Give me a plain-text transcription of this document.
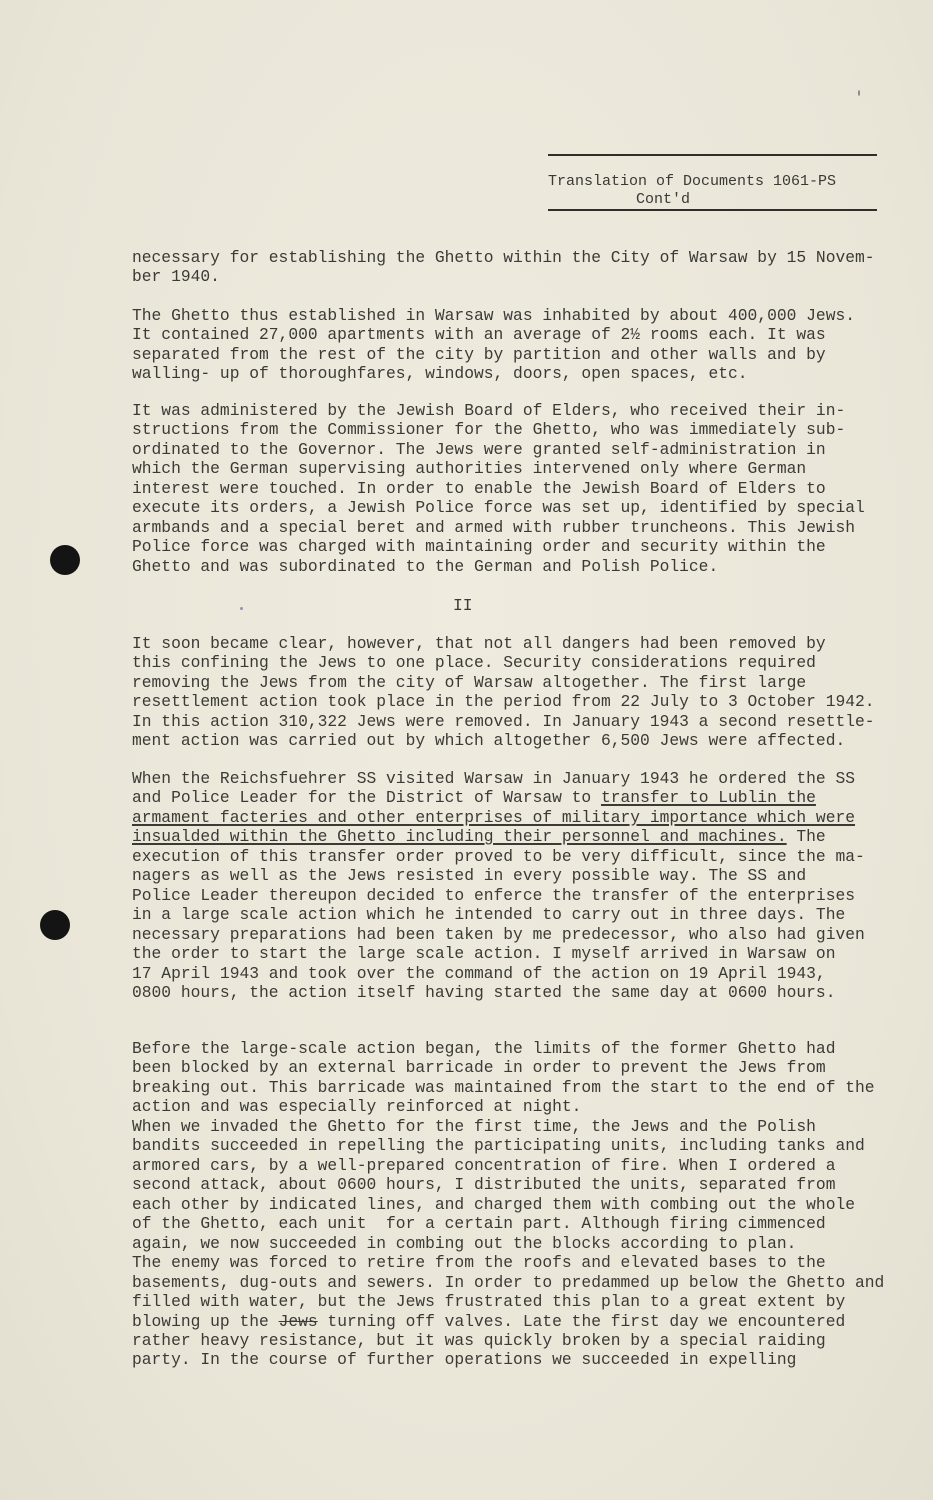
Translation of Documents 1061-PS
Cont'd
II
necessary for establishing the Ghetto within the City of Warsaw by 15 Novem-
ber 1940.
The Ghetto thus established in Warsaw was inhabited by about 400,000 Jews.
It contained 27,000 apartments with an average of 2½ rooms each. It was
separated from the rest of the city by partition and other walls and by
walling- up of thoroughfares, windows, doors, open spaces, etc.
It was administered by the Jewish Board of Elders, who received their in-
structions from the Commissioner for the Ghetto, who was immediately sub-
ordinated to the Governor. The Jews were granted self-administration in
which the German supervising authorities intervened only where German
interest were touched. In order to enable the Jewish Board of Elders to
execute its orders, a Jewish Police force was set up, identified by special
armbands and a special beret and armed with rubber truncheons. This Jewish
Police force was charged with maintaining order and security within the
Ghetto and was subordinated to the German and Polish Police.
It soon became clear, however, that not all dangers had been removed by
this confining the Jews to one place. Security considerations required
removing the Jews from the city of Warsaw altogether. The first large
resettlement action took place in the period from 22 July to 3 October 1942.
In this action 310,322 Jews were removed. In January 1943 a second resettle-
ment action was carried out by which altogether 6,500 Jews were affected.
When the Reichsfuehrer SS visited Warsaw in January 1943 he ordered the SS
and Police Leader for the District of Warsaw to transfer to Lublin the
armament facteries and other enterprises of military importance which were
insualded within the Ghetto including their personnel and machines. The
execution of this transfer order proved to be very difficult, since the ma-
nagers as well as the Jews resisted in every possible way. The SS and
Police Leader thereupon decided to enferce the transfer of the enterprises
in a large scale action which he intended to carry out in three days. The
necessary preparations had been taken by me predecessor, who also had given
the order to start the large scale action. I myself arrived in Warsaw on
17 April 1943 and took over the command of the action on 19 April 1943,
0800 hours, the action itself having started the same day at 0600 hours.
Before the large-scale action began, the limits of the former Ghetto had
been blocked by an external barricade in order to prevent the Jews from
breaking out. This barricade was maintained from the start to the end of the
action and was especially reinforced at night.
When we invaded the Ghetto for the first time, the Jews and the Polish
bandits succeeded in repelling the participating units, including tanks and
armored cars, by a well-prepared concentration of fire. When I ordered a
second attack, about 0600 hours, I distributed the units, separated from
each other by indicated lines, and charged them with combing out the whole
of the Ghetto, each unit  for a certain part. Although firing cimmenced
again, we now succeeded in combing out the blocks according to plan.
The enemy was forced to retire from the roofs and elevated bases to the
basements, dug-outs and sewers. In order to predammed up below the Ghetto and
filled with water, but the Jews frustrated this plan to a great extent by
blowing up the Jews turning off valves. Late the first day we encountered
rather heavy resistance, but it was quickly broken by a special raiding
party. In the course of further operations we succeeded in expelling
